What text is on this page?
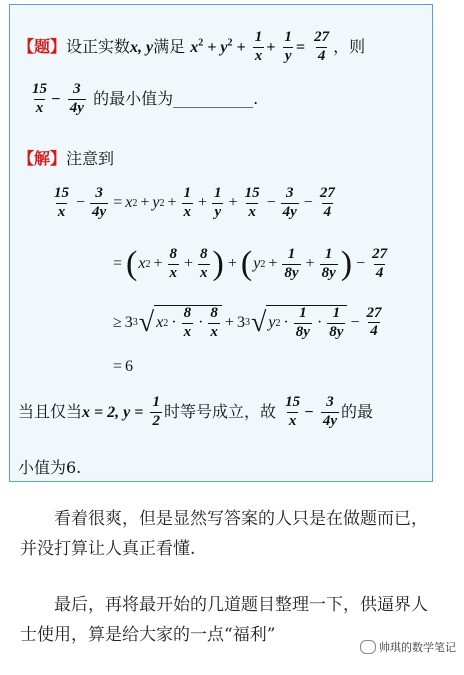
【题】设正实数x, y满足 $x^2 + y^2 + \frac{1}{x} + \frac{1}{y} = \frac{27}{4}$ ，则
$\frac{15}{x} - \frac{3}{4y}$ 的最小值为__________.
【解】注意到
$\frac{15}{x} - \frac{3}{4y} = x$ 2 + y $2 + \frac{1}{x} + \frac{1}{y} + \frac{15}{x} - \frac{3}{4y} - \frac{27}{4}$
= ( x $2 + \frac{8}{x} + \frac{8}{x}$ ) + ( y $2 + \frac{1}{8y} + \frac{1}{8y}$ ) − $\frac{27}{4}$
≥ 3 3 √ x $2 \cdot \frac{8}{x} \cdot \frac{8}{x} + 3$ 3 √ y $2 \cdot \frac{1}{8y} \cdot \frac{1}{8y} - \frac{27}{4}$
= 6
当且仅当x = 2, $y = \frac{1}{2}$ 时等号成立，故 $\frac{15}{x} - \frac{3}{4y}$ 的最
小值为6.
看着很爽，但是显然写答案的人只是在做题而已，并没打算让人真正看懂.
最后，再将最开始的几道题目整理一下，供逼界人士使用，算是给大家的一点“福利”
帅琪的数学笔记
